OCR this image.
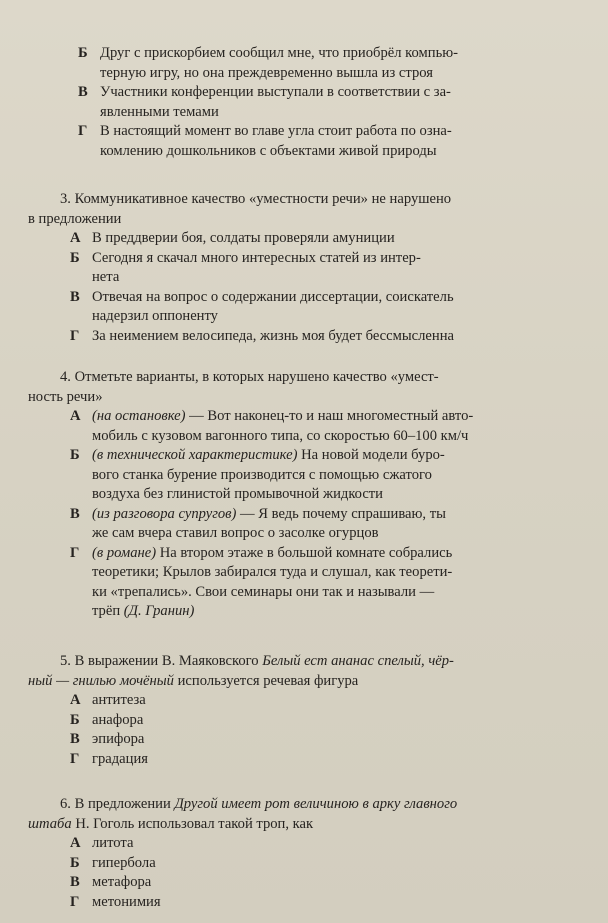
Б Друг с прискорбием сообщил мне, что приобрёл компью-
терную игру, но она преждевременно вышла из строя
В Участники конференции выступали в соответствии с за-
явленными темами
Г В настоящий момент во главе угла стоит работа по озна-
комлению дошкольников с объектами живой природы
3. Коммуникативное качество «уместности речи» не нарушено
в предложении
А В преддверии боя, солдаты проверяли амуниции
Б Сегодня я скачал много интересных статей из интер-
нета
В Отвечая на вопрос о содержании диссертации, соискатель
надерзил оппоненту
Г За неимением велосипеда, жизнь моя будет бессмысленна
4. Отметьте варианты, в которых нарушено качество «умест-
ность речи»
А (на остановке) — Вот наконец-то и наш многоместный авто-
мобиль с кузовом вагонного типа, со скоростью 60–100 км/ч
Б (в технической характеристике) На новой модели буро-
вого станка бурение производится с помощью сжатого
воздуха без глинистой промывочной жидкости
В (из разговора супругов) — Я ведь почему спрашиваю, ты
же сам вчера ставил вопрос о засолке огурцов
Г (в романе) На втором этаже в большой комнате собрались
теоретики; Крылов забирался туда и слушал, как теорети-
ки «трепались». Свои семинары они так и называли —
трёп (Д. Гранин)
5. В выражении В. Маяковского Белый ест ананас спелый, чёр-
ный — гнилью мочёный используется речевая фигура
А антитеза
Б анафора
В эпифора
Г градация
6. В предложении Другой имеет рот величиною в арку главного
штаба Н. Гоголь использовал такой троп, как
А литота
Б гипербола
В метафора
Г метонимия
